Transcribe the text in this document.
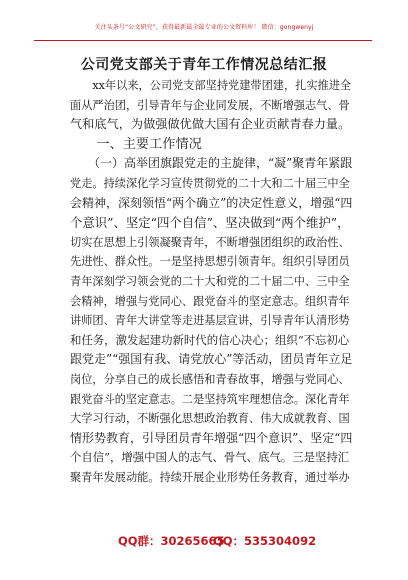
关注头条号“公文研究”，获得最新最全最专业的公文资料库！ 微信：gongwenyj
公司党支部关于青年工作情况总结汇报
　　xx年以来，公司党支部坚持党建带团建，扎实推进全
面从严治团，引导青年与企业同发展，不断增强志气、骨
气和底气，为做强做优做大国有企业贡献青春力量。
　　一、主要工作情况
　　（一）高举团旗跟党走的主旋律，“凝”聚青年紧跟
党走。持续深化学习宣传贯彻党的二十大和二十届三中全
会精神，深刻领悟“两个确立”的决定性意义，增强“四
个意识”、坚定“四个自信”、坚决做到“两个维护”，
切实在思想上引领凝聚青年，不断增强团组织的政治性、
先进性、群众性。一是坚持思想引领青年。组织引导团员
青年深刻学习领会党的二十大和党的二十届二中、三中全
会精神，增强与党同心、跟党奋斗的坚定意志。组织青年
讲师团、青年大讲堂等走进基层宣讲，引导青年认清形势
和任务，激发起建功新时代的信心决心；组织“不忘初心
跟党走”“强国有我、请党放心”等活动，团员青年立足
岗位，分享自己的成长感悟和青春故事，增强与党同心、
跟党奋斗的坚定意志。二是坚持筑牢理想信念。深化青年
大学习行动，不断强化思想政治教育、伟大成就教育、国
情形势教育，引导团员青年增强“四个意识”、坚定“四
个自信”，增强中国人的志气、骨气、底气。三是坚持汇
聚青年发展动能。持续开展企业形势任务教育，通过举办
QQ群：30265665
QQ：535304092
